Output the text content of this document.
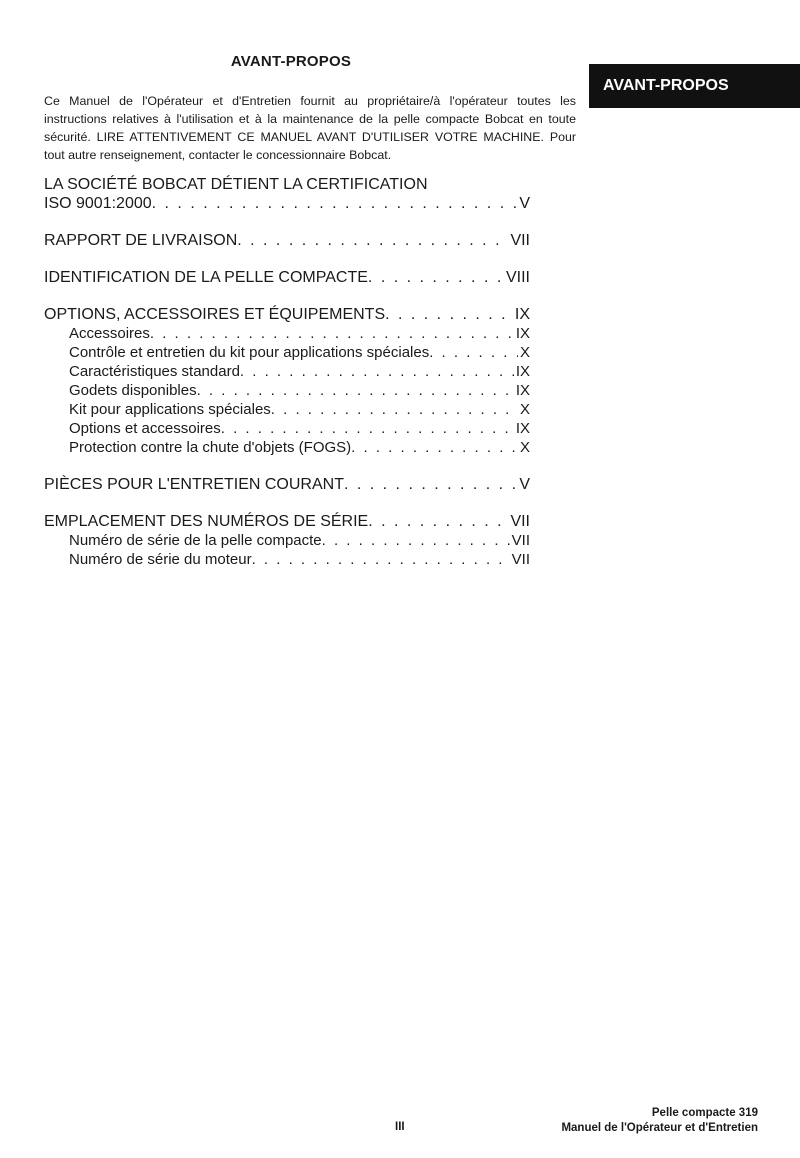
AVANT-PROPOS
AVANT-PROPOS

Ce Manuel de l'Opérateur et d'Entretien fournit au propriétaire/à l'opérateur toutes les instructions relatives à l'utilisation et à la maintenance de la pelle compacte Bobcat en toute sécurité. LIRE ATTENTIVEMENT CE MANUEL AVANT D'UTILISER VOTRE MACHINE. Pour tout autre renseignement, contacter le concessionnaire Bobcat.

LA SOCIÉTÉ BOBCAT DÉTIENT LA CERTIFICATION
ISO 9001:2000 . . .	V
RAPPORT DE LIVRAISON . . .	VII
IDENTIFICATION DE LA PELLE COMPACTE . . .	VIII
OPTIONS, ACCESSOIRES ET ÉQUIPEMENTS . . .	IX
Accessoires . . .	IX
Contrôle et entretien du kit pour applications spéciales . . .	X
Caractéristiques standard . . .	IX
Godets disponibles . . .	IX
Kit pour applications spéciales . . .	X
Options et accessoires . . .	IX
Protection contre la chute d'objets (FOGS) . . .	X
PIÈCES POUR L'ENTRETIEN COURANT . . .	V
EMPLACEMENT DES NUMÉROS DE SÉRIE . . .	VII
Numéro de série de la pelle compacte . . .	VII
Numéro de série du moteur . . .	VII
III
Pelle compacte 319
Manuel de l'Opérateur et d'Entretien
